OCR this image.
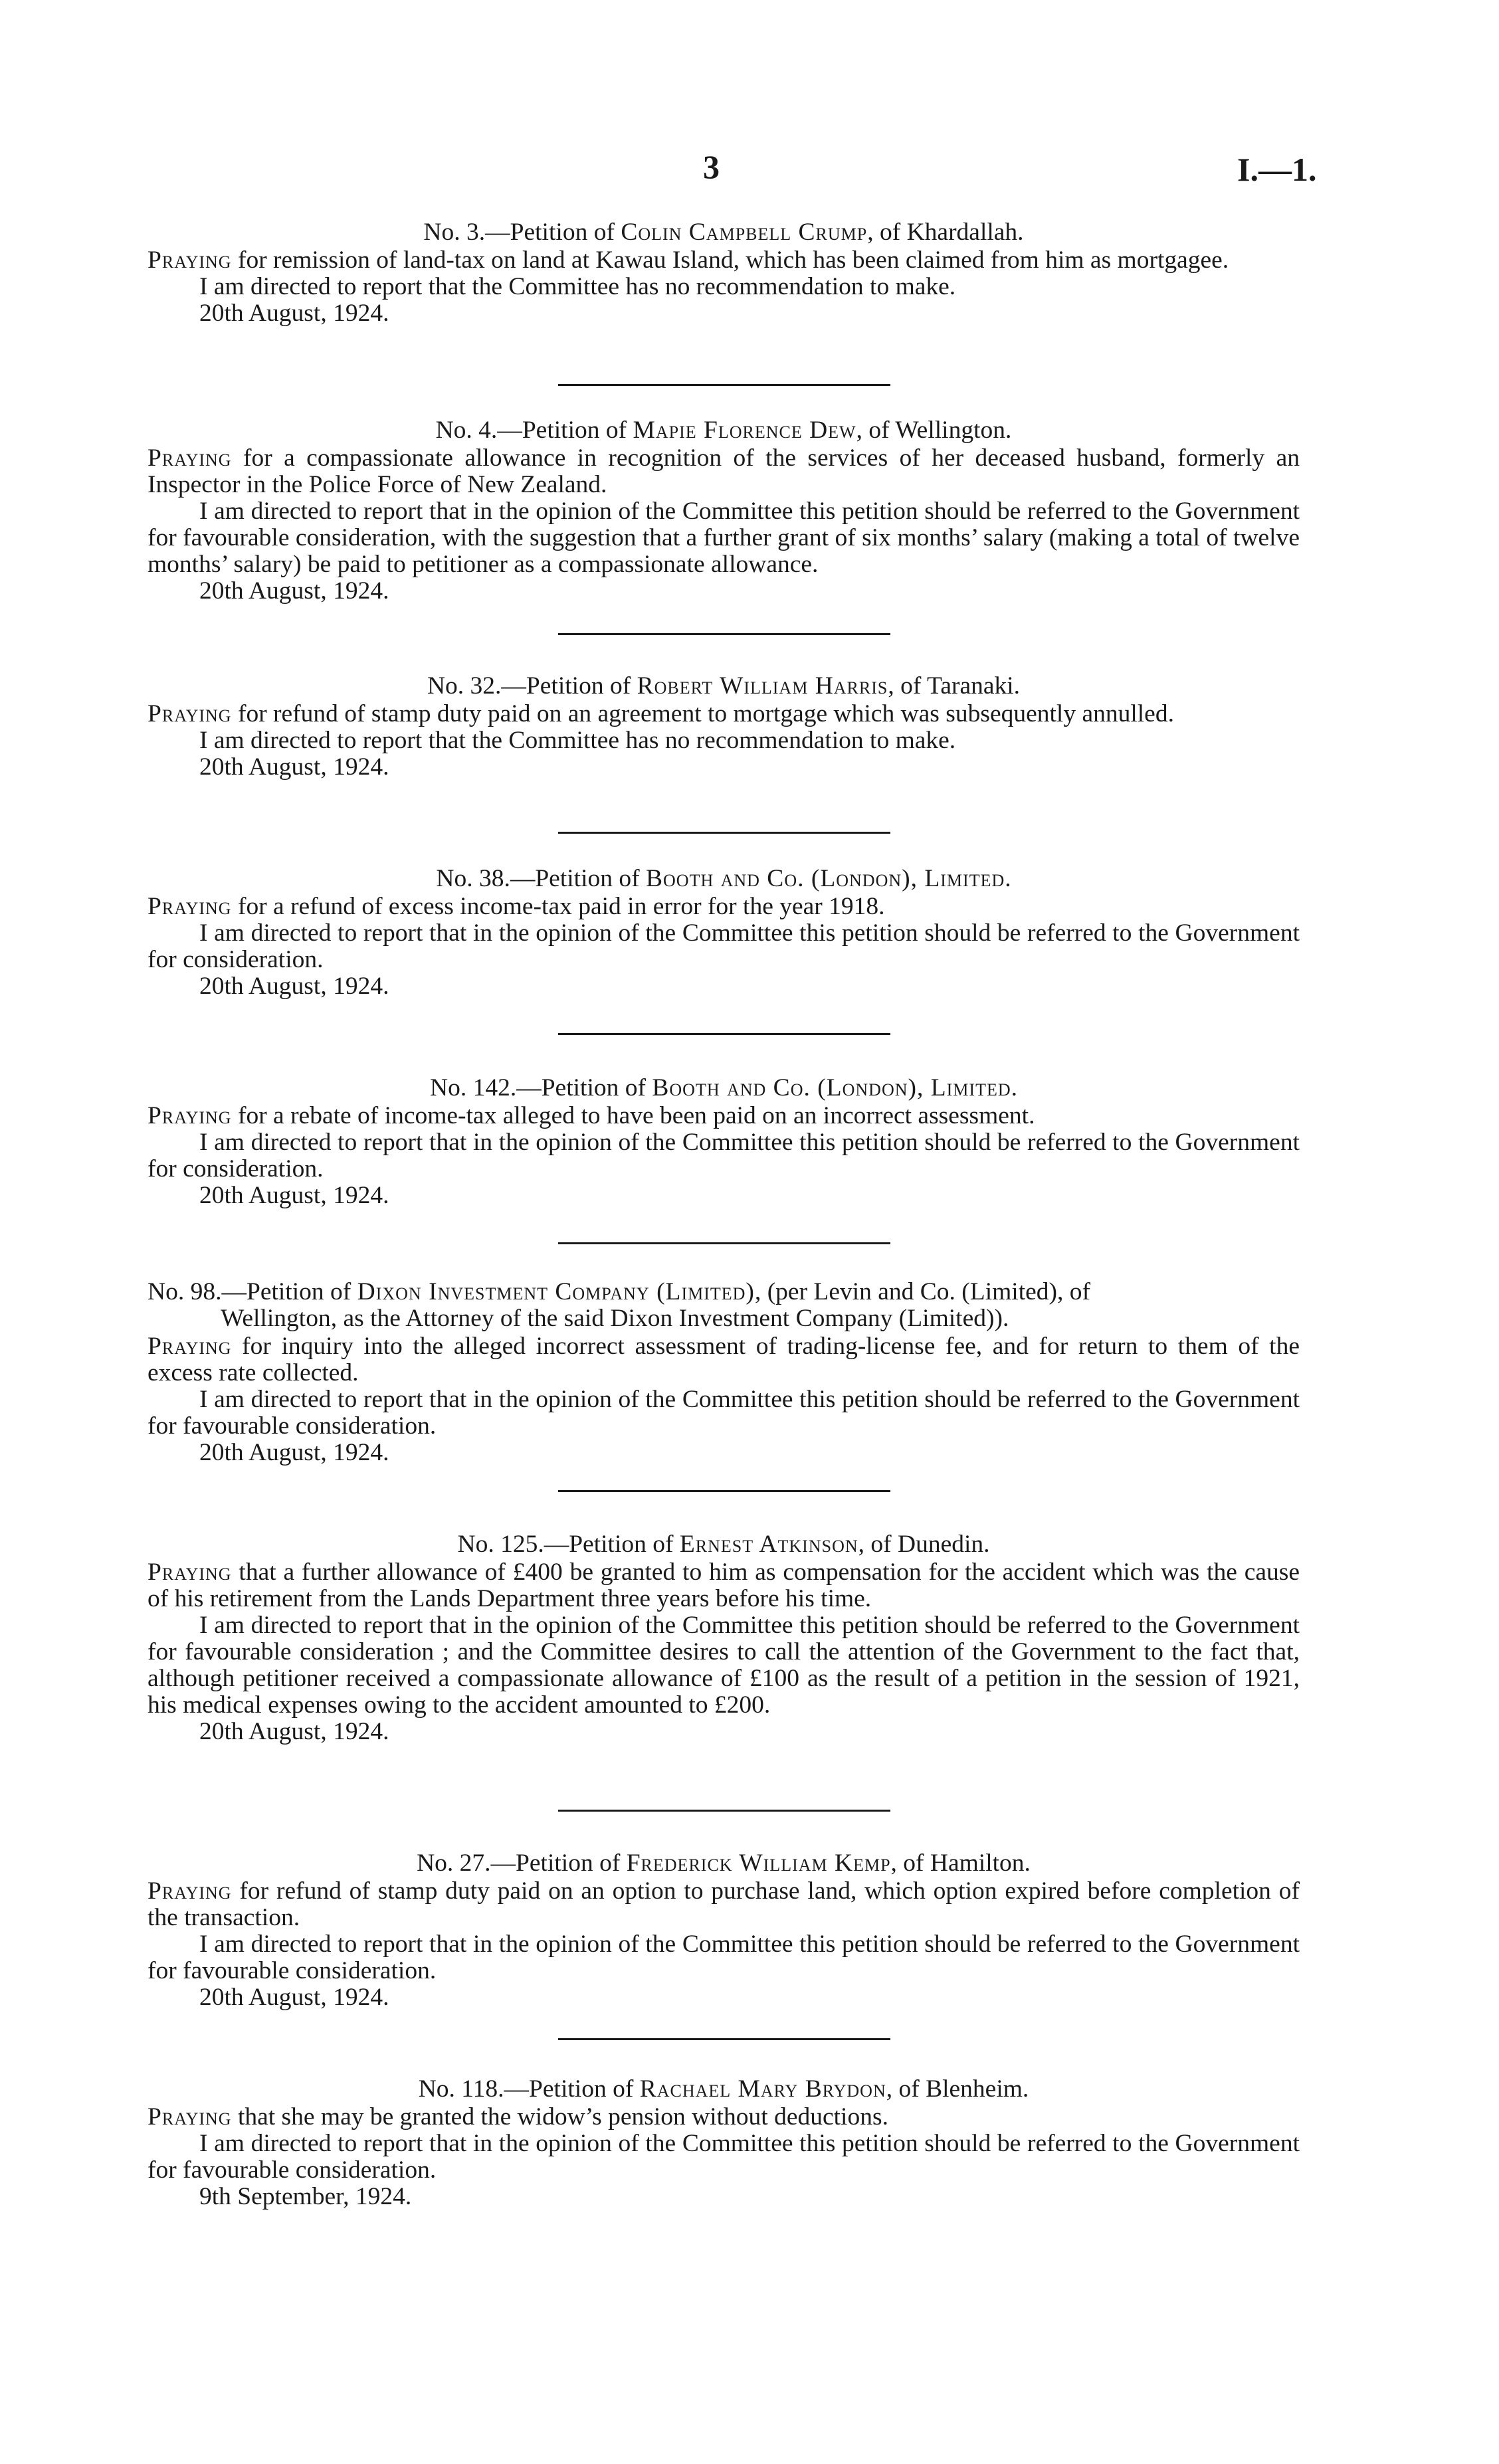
3	I.—1.
No. 3.—Petition of Colin Campbell Crump, of Khardallah.
Praying for remission of land-tax on land at Kawau Island, which has been claimed from him as mortgagee.
I am directed to report that the Committee has no recommendation to make.
20th August, 1924.
No. 4.—Petition of Mapie Florence Dew, of Wellington.
Praying for a compassionate allowance in recognition of the services of her deceased husband, formerly an Inspector in the Police Force of New Zealand.
I am directed to report that in the opinion of the Committee this petition should be referred to the Government for favourable consideration, with the suggestion that a further grant of six months’ salary (making a total of twelve months’ salary) be paid to petitioner as a compassionate allowance.
20th August, 1924.
No. 32.—Petition of Robert William Harris, of Taranaki.
Praying for refund of stamp duty paid on an agreement to mortgage which was subsequently annulled.
I am directed to report that the Committee has no recommendation to make.
20th August, 1924.
No. 38.—Petition of Booth and Co. (London), Limited.
Praying for a refund of excess income-tax paid in error for the year 1918.
I am directed to report that in the opinion of the Committee this petition should be referred to the Government for consideration.
20th August, 1924.
No. 142.—Petition of Booth and Co. (London), Limited.
Praying for a rebate of income-tax alleged to have been paid on an incorrect assessment.
I am directed to report that in the opinion of the Committee this petition should be referred to the Government for consideration.
20th August, 1924.
No. 98.—Petition of Dixon Investment Company (Limited), (per Levin and Co. (Limited), of
Wellington, as the Attorney of the said Dixon Investment Company (Limited)).
Praying for inquiry into the alleged incorrect assessment of trading-license fee, and for return to them of the excess rate collected.
I am directed to report that in the opinion of the Committee this petition should be referred to the Government for favourable consideration.
20th August, 1924.
No. 125.—Petition of Ernest Atkinson, of Dunedin.
Praying that a further allowance of £400 be granted to him as compensation for the accident which was the cause of his retirement from the Lands Department three years before his time.
I am directed to report that in the opinion of the Committee this petition should be referred to the Government for favourable consideration ; and the Committee desires to call the attention of the Government to the fact that, although petitioner received a compassionate allowance of £100 as the result of a petition in the session of 1921, his medical expenses owing to the accident amounted to £200.
20th August, 1924.
No. 27.—Petition of Frederick William Kemp, of Hamilton.
Praying for refund of stamp duty paid on an option to purchase land, which option expired before completion of the transaction.
I am directed to report that in the opinion of the Committee this petition should be referred to the Government for favourable consideration.
20th August, 1924.
No. 118.—Petition of Rachael Mary Brydon, of Blenheim.
Praying that she may be granted the widow’s pension without deductions.
I am directed to report that in the opinion of the Committee this petition should be referred to the Government for favourable consideration.
9th September, 1924.
